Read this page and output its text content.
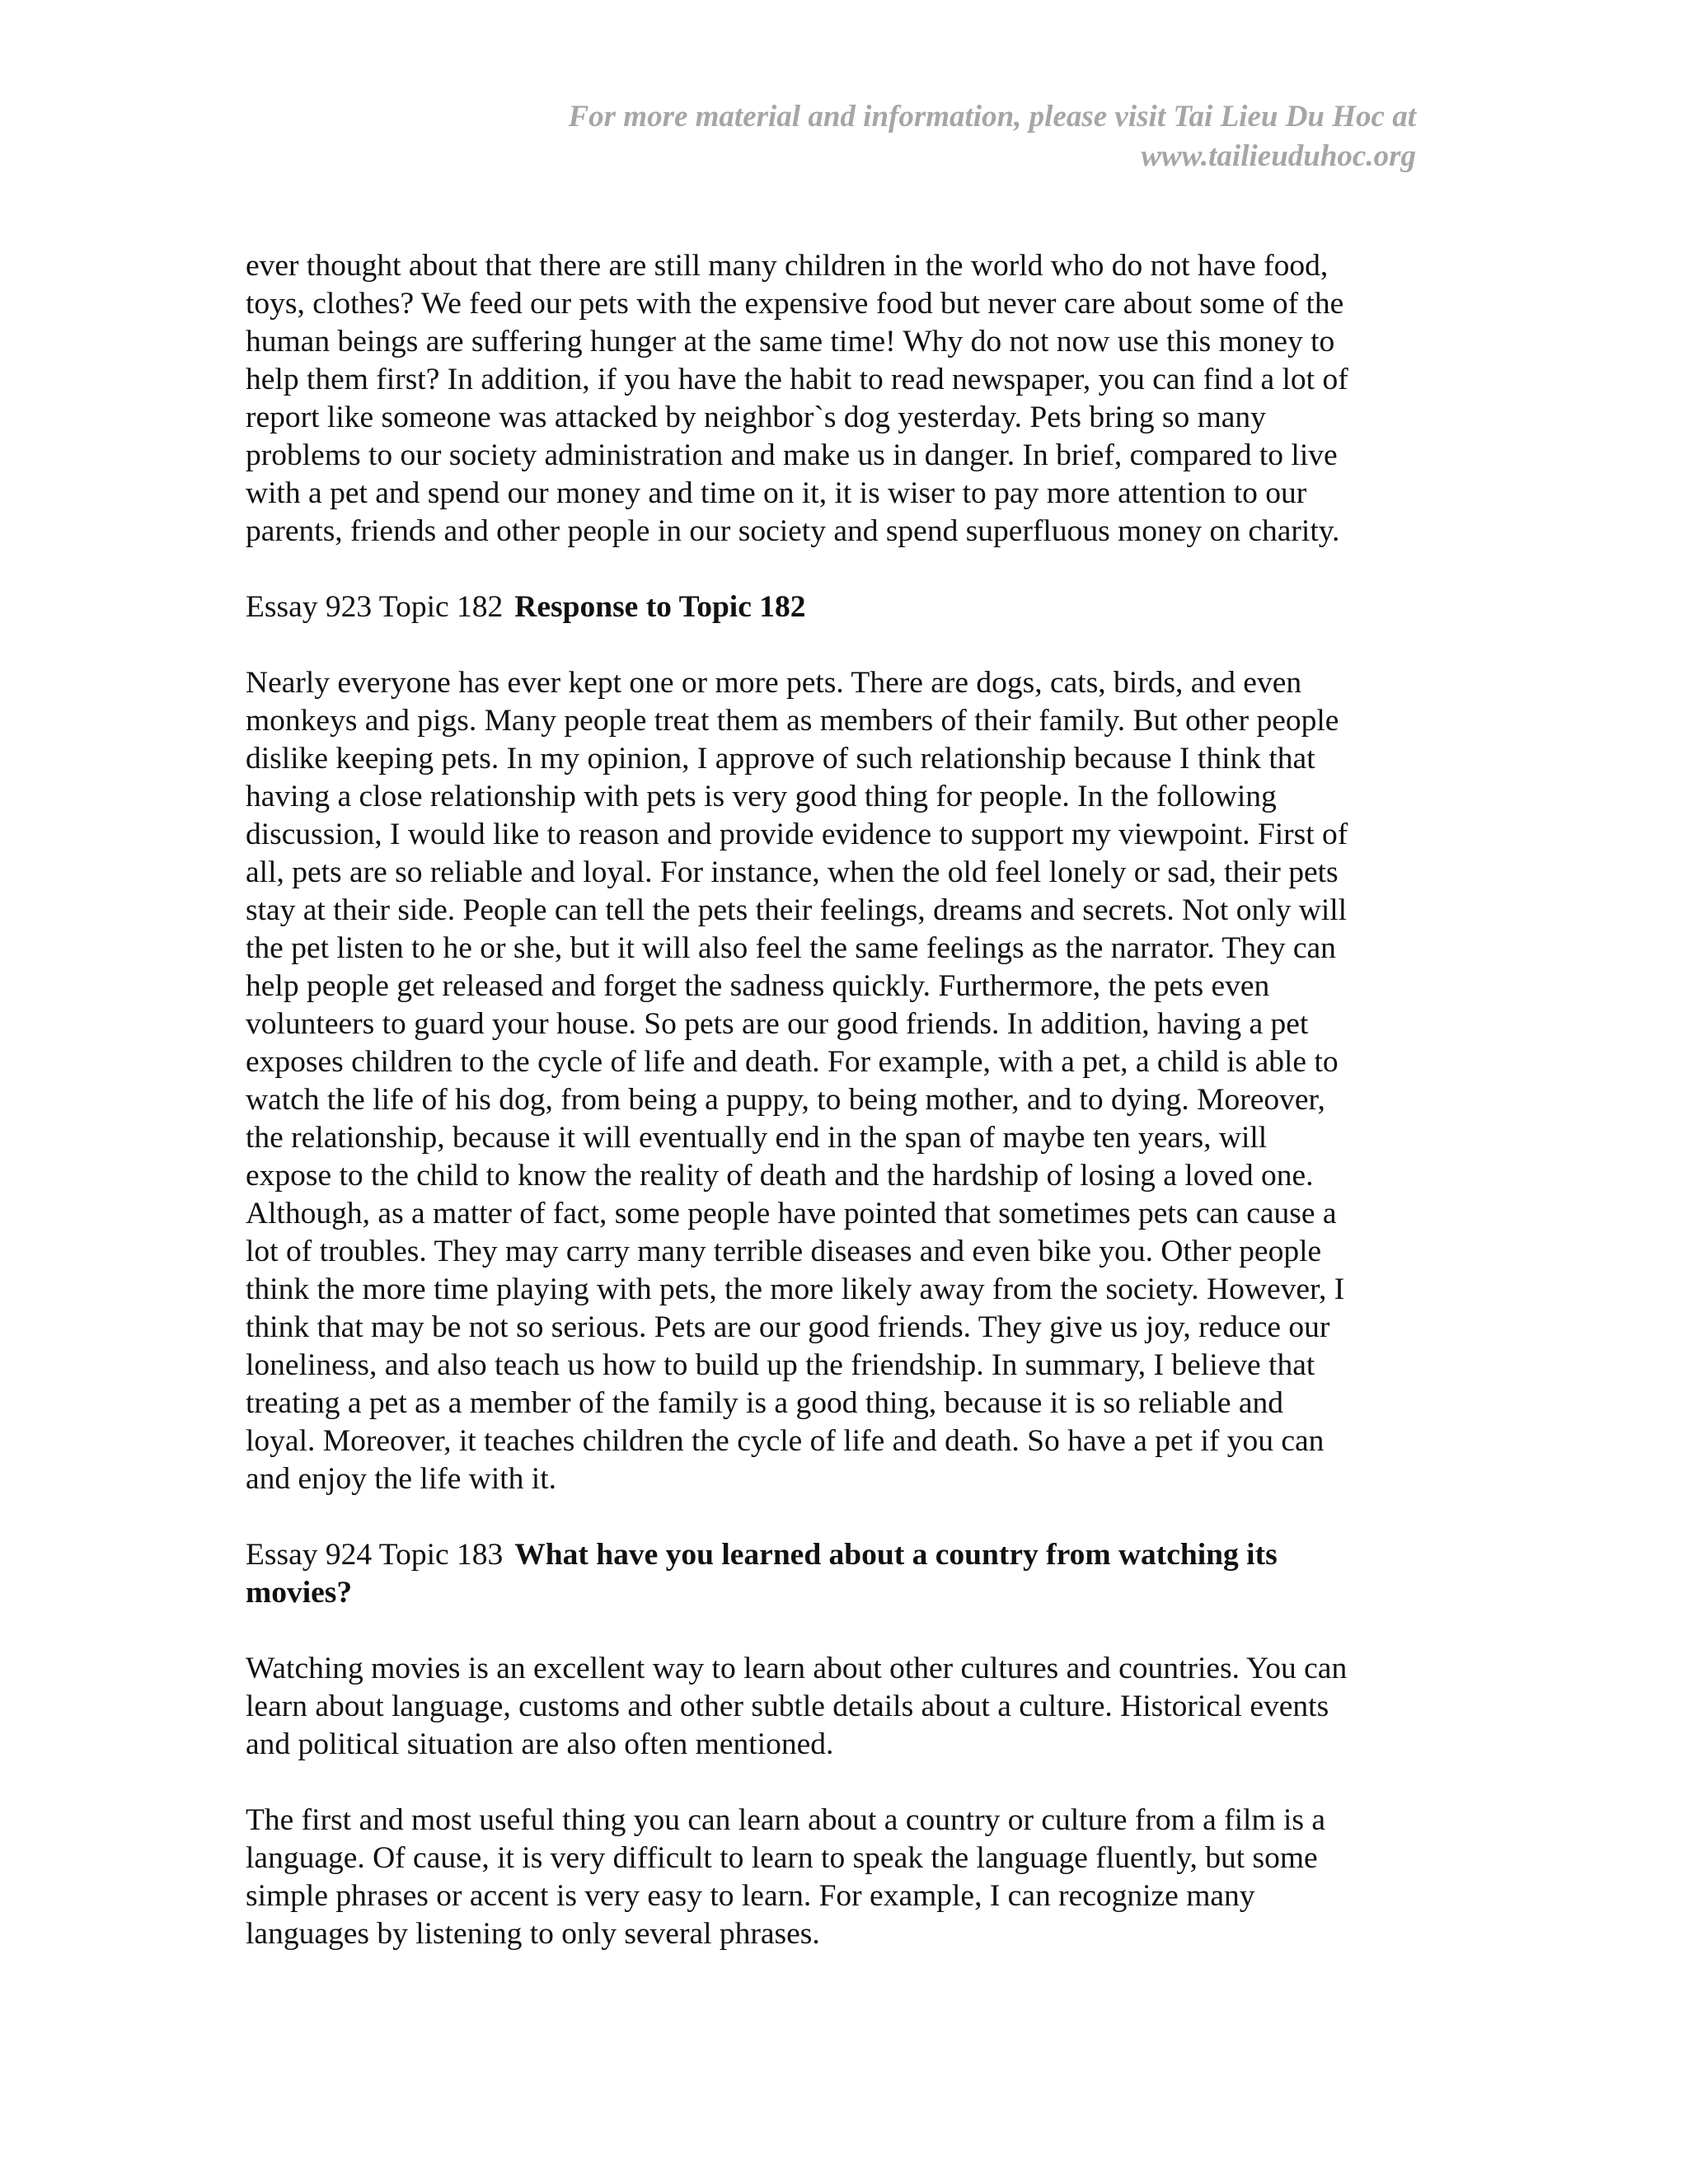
For more material and information, please visit Tai Lieu Du Hoc at
www.tailieuduhoc.org

ever thought about that there are still many children in the world who do not have food,
toys, clothes? We feed our pets with the expensive food but never care about some of the
human beings are suffering hunger at the same time! Why do not now use this money to
help them first? In addition, if you have the habit to read newspaper, you can find a lot of
report like someone was attacked by neighbor`s dog yesterday. Pets bring so many
problems to our society administration and make us in danger. In brief, compared to live
with a pet and spend our money and time on it, it is wiser to pay more attention to our
parents, friends and other people in our society and spend superfluous money on charity.

Essay 923 Topic 182 Response to Topic 182

Nearly everyone has ever kept one or more pets. There are dogs, cats, birds, and even
monkeys and pigs. Many people treat them as members of their family. But other people
dislike keeping pets. In my opinion, I approve of such relationship because I think that
having a close relationship with pets is very good thing for people. In the following
discussion, I would like to reason and provide evidence to support my viewpoint. First of
all, pets are so reliable and loyal. For instance, when the old feel lonely or sad, their pets
stay at their side. People can tell the pets their feelings, dreams and secrets. Not only will
the pet listen to he or she, but it will also feel the same feelings as the narrator. They can
help people get released and forget the sadness quickly. Furthermore, the pets even
volunteers to guard your house. So pets are our good friends. In addition, having a pet
exposes children to the cycle of life and death. For example, with a pet, a child is able to
watch the life of his dog, from being a puppy, to being mother, and to dying. Moreover,
the relationship, because it will eventually end in the span of maybe ten years, will
expose to the child to know the reality of death and the hardship of losing a loved one.
Although, as a matter of fact, some people have pointed that sometimes pets can cause a
lot of troubles. They may carry many terrible diseases and even bike you. Other people
think the more time playing with pets, the more likely away from the society. However, I
think that may be not so serious. Pets are our good friends. They give us joy, reduce our
loneliness, and also teach us how to build up the friendship. In summary, I believe that
treating a pet as a member of the family is a good thing, because it is so reliable and
loyal. Moreover, it teaches children the cycle of life and death. So have a pet if you can
and enjoy the life with it.

Essay 924 Topic 183 What have you learned about a country from watching its
movies?

Watching movies is an excellent way to learn about other cultures and countries. You can
learn about language, customs and other subtle details about a culture. Historical events
and political situation are also often mentioned.

The first and most useful thing you can learn about a country or culture from a film is a
language. Of cause, it is very difficult to learn to speak the language fluently, but some
simple phrases or accent is very easy to learn. For example, I can recognize many
languages by listening to only several phrases.
